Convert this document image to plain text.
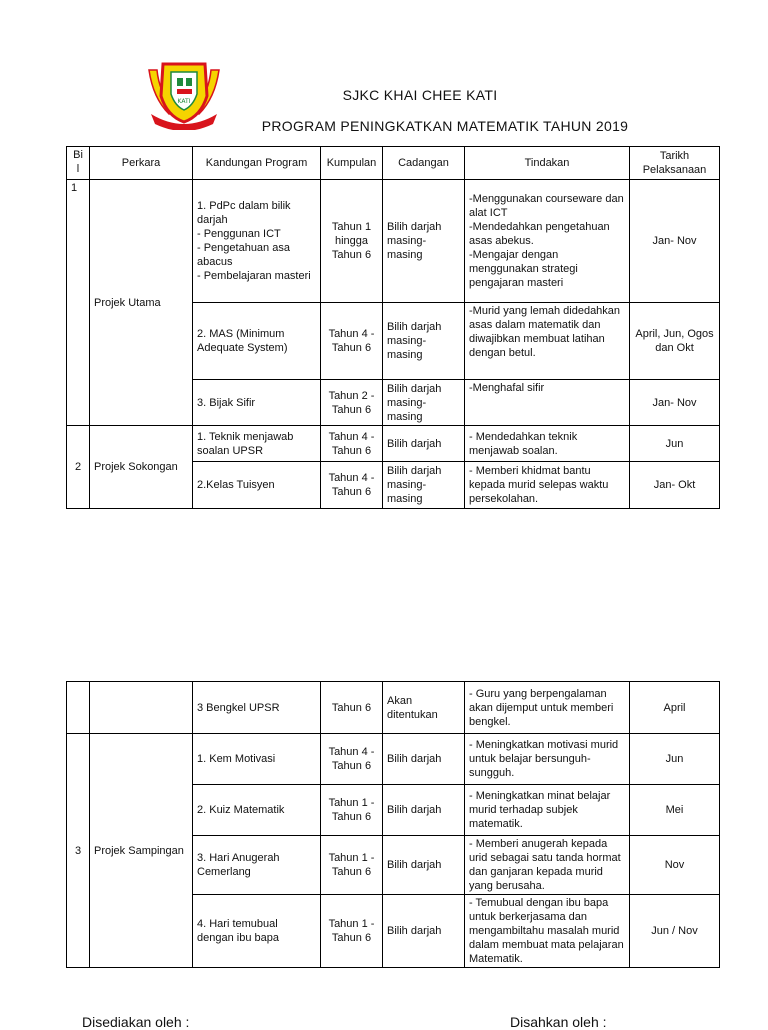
KATI	SJKC KHAI CHEE KATI
PROGRAM PENINGKATKAN MATEMATIK TAHUN 2019
Bi l	Perkara	Kandungan Program	Kumpulan	Cadangan	Tindakan	Tarikh Pelaksanaan
1	Projek Utama	1. PdPc dalam bilik darjah
- Penggunan ICT
- Pengetahuan asa abacus
- Pembelajaran masteri	Tahun 1 hingga Tahun 6	Bilih darjah masing-masing	-Menggunakan courseware dan alat ICT
-Mendedahkan pengetahuan asas abekus.
-Mengajar dengan menggunakan strategi pengajaran masteri	Jan- Nov
		2. MAS (Minimum Adequate System)	Tahun 4 - Tahun 6	Bilih darjah masing-masing	-Murid yang lemah didedahkan asas dalam matematik dan diwajibkan membuat latihan dengan betul.	April, Jun, Ogos dan Okt
		3. Bijak Sifir	Tahun 2 - Tahun 6	Bilih darjah masing-masing	-Menghafal sifir	Jan- Nov
2	Projek Sokongan	1. Teknik menjawab soalan UPSR	Tahun 4 - Tahun 6	Bilih darjah	- Mendedahkan teknik menjawab soalan.	Jun
		2.Kelas Tuisyen	Tahun 4 - Tahun 6	Bilih darjah masing-masing	- Memberi khidmat bantu kepada murid selepas waktu persekolahan.	Jan- Okt
		3 Bengkel UPSR	Tahun 6	Akan ditentukan	- Guru yang berpengalaman akan dijemput untuk memberi bengkel.	April
3	Projek Sampingan	1. Kem Motivasi	Tahun 4 - Tahun 6	Bilih darjah	- Meningkatkan motivasi murid untuk belajar bersunguh-sungguh.	Jun
		2. Kuiz Matematik	Tahun 1 - Tahun 6	Bilih darjah	- Meningkatkan minat belajar murid terhadap subjek matematik.	Mei
		3. Hari Anugerah Cemerlang	Tahun 1 - Tahun 6	Bilih darjah	- Memberi anugerah kepada urid sebagai satu tanda hormat dan ganjaran kepada murid yang berusaha.	Nov
		4. Hari temubual dengan ibu bapa	Tahun 1 - Tahun 6	Bilih darjah	- Temubual dengan ibu bapa untuk berkerjasama dan mengambiltahu masalah murid dalam membuat mata pelajaran Matematik.	Jun / Nov
Disediakan oleh :	Disahkan oleh :
